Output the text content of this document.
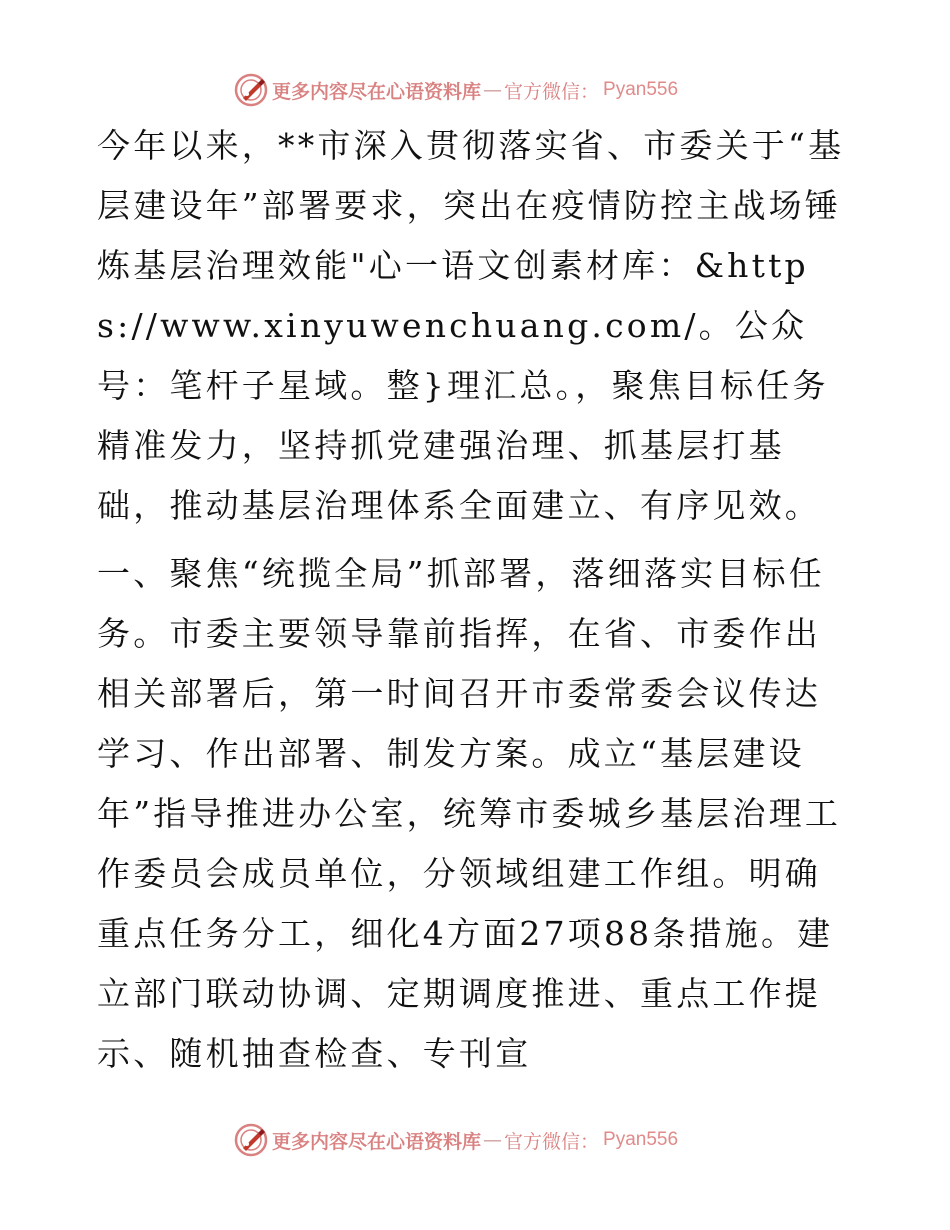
更多内容尽在心语资料库 — 官方微信： Pyan556

今年以来，**市深入贯彻落实省、市委关于“基层建设年”部署要求，突出在疫情防控主战场锤炼基层治理效能"心一语文创素材库：&https://www.xinyuwenchuang.com/。公众号：笔杆子星域。整}理汇总。，聚焦目标任务精准发力，坚持抓党建强治理、抓基层打基础，推动基层治理体系全面建立、有序见效。

一、聚焦“统揽全局”抓部署，落细落实目标任务。市委主要领导靠前指挥，在省、市委作出相关部署后，第一时间召开市委常委会议传达学习、作出部署、制发方案。成立“基层建设年”指导推进办公室，统筹市委城乡基层治理工作委员会成员单位，分领域组建工作组。明确重点任务分工，细化4方面27项88条措施。建立部门联动协调、定期调度推进、重点工作提示、随机抽查检查、专刊宣

更多内容尽在心语资料库 — 官方微信： Pyan556
